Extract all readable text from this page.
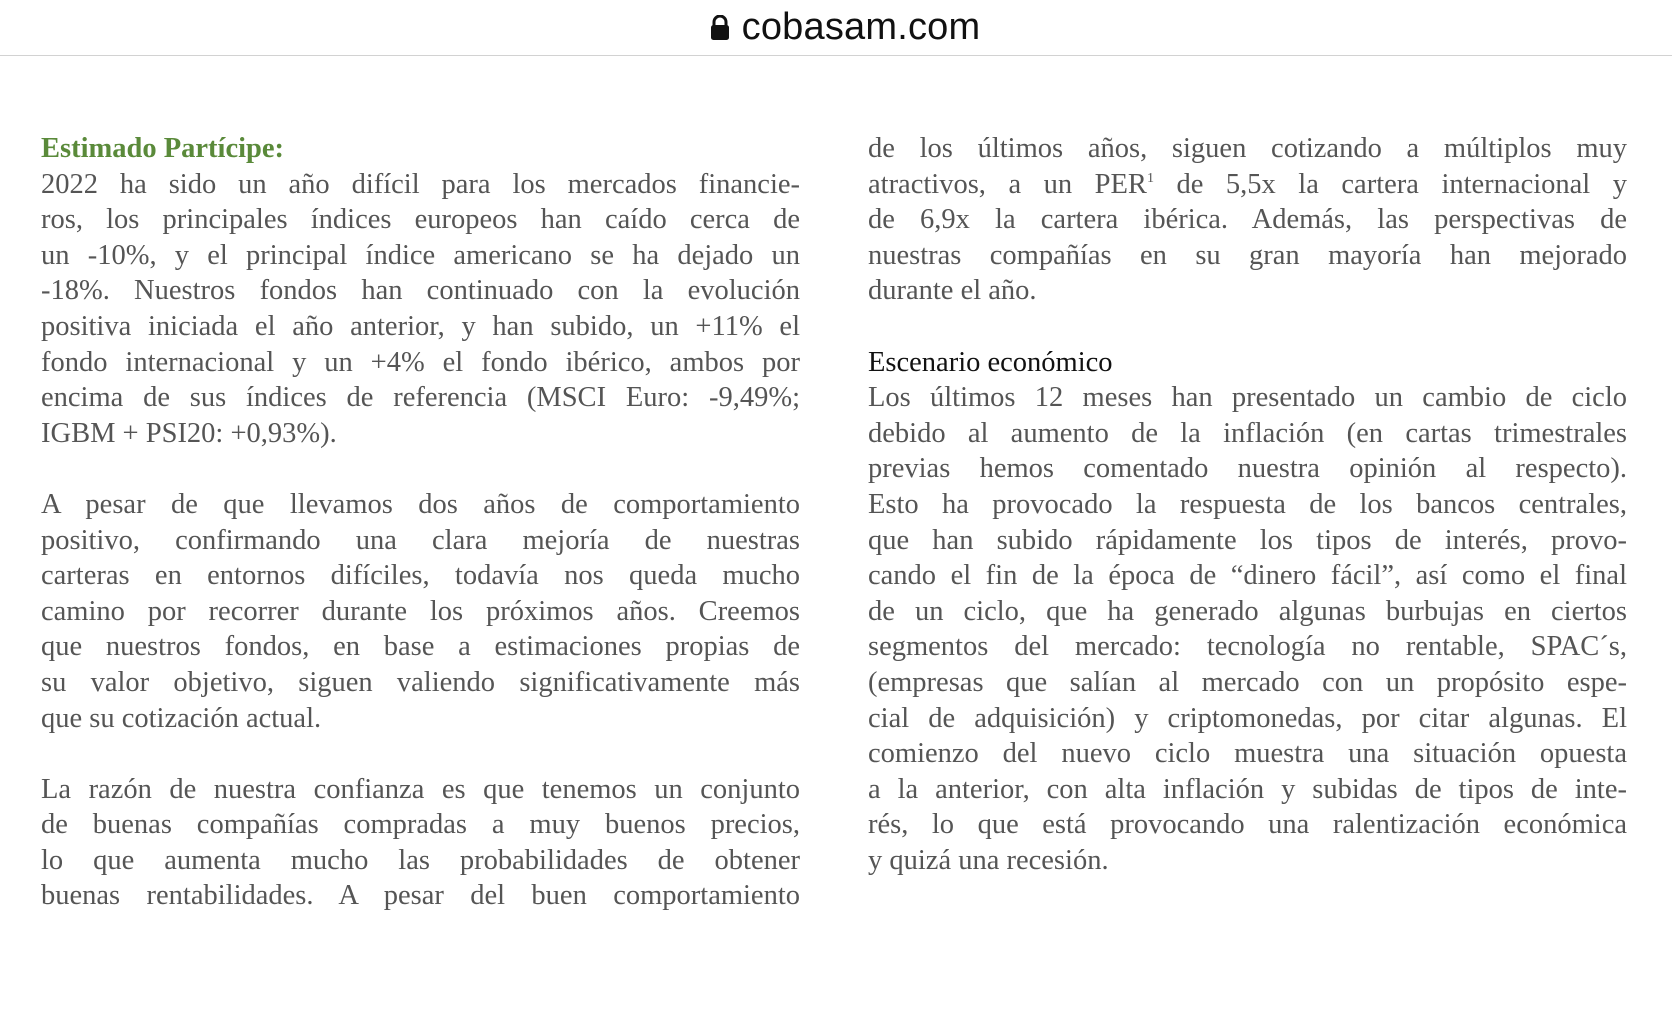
cobasam.com
Estimado Partícipe:
2022 ha sido un año difícil para los mercados financie-
ros, los principales índices europeos han caído cerca de
un -10%, y el principal índice americano se ha dejado un
-18%. Nuestros fondos han continuado con la evolución
positiva iniciada el año anterior, y han subido, un +11% el
fondo internacional y un +4% el fondo ibérico, ambos por
encima de sus índices de referencia (MSCI Euro: -9,49%;
IGBM + PSI20: +0,93%).
A pesar de que llevamos dos años de comportamiento
positivo, confirmando una clara mejoría de nuestras
carteras en entornos difíciles, todavía nos queda mucho
camino por recorrer durante los próximos años. Creemos
que nuestros fondos, en base a estimaciones propias de
su valor objetivo, siguen valiendo significativamente más
que su cotización actual.
La razón de nuestra confianza es que tenemos un conjunto
de buenas compañías compradas a muy buenos precios,
lo que aumenta mucho las probabilidades de obtener
buenas rentabilidades. A pesar del buen comportamiento
de los últimos años, siguen cotizando a múltiplos muy
atractivos, a un PER$^1$ de 5,5x la cartera internacional y
de 6,9x la cartera ibérica. Además, las perspectivas de
nuestras compañías en su gran mayoría han mejorado
durante el año.
Escenario económico
Los últimos 12 meses han presentado un cambio de ciclo
debido al aumento de la inflación (en cartas trimestrales
previas hemos comentado nuestra opinión al respecto).
Esto ha provocado la respuesta de los bancos centrales,
que han subido rápidamente los tipos de interés, provo-
cando el fin de la época de “dinero fácil”, así como el final
de un ciclo, que ha generado algunas burbujas en ciertos
segmentos del mercado: tecnología no rentable, SPAC´s,
(empresas que salían al mercado con un propósito espe-
cial de adquisición) y criptomonedas, por citar algunas. El
comienzo del nuevo ciclo muestra una situación opuesta
a la anterior, con alta inflación y subidas de tipos de inte-
rés, lo que está provocando una ralentización económica
y quizá una recesión.
